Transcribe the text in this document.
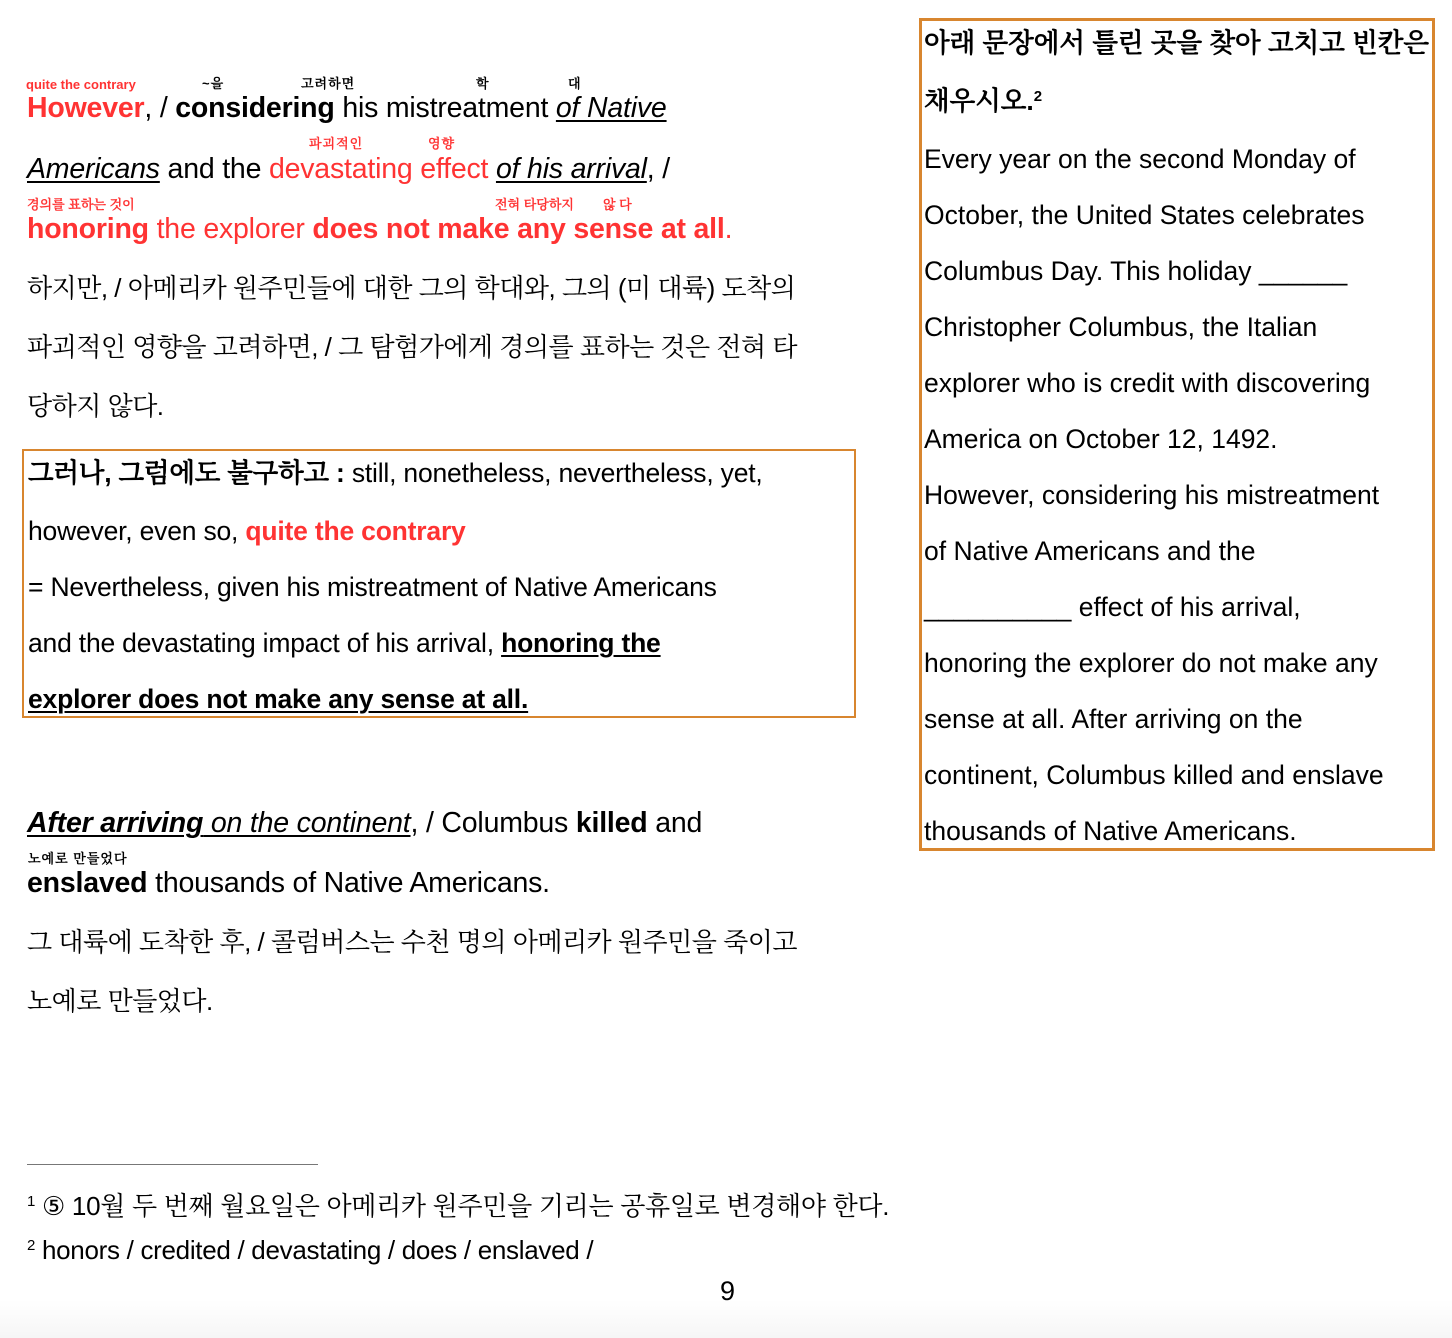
quite the contrary	~을	고려하면	학	대
However, / considering his mistreatment of Native
파괴적인	영향
Americans and the devastating effect of his arrival, /
경의를 표하는 것이	전혀 타당하지 않 다
honoring the explorer does not make any sense at all.
하지만, / 아메리카 원주민들에 대한 그의 학대와, 그의 (미 대륙) 도착의
파괴적인 영향을 고려하면, / 그 탐험가에게 경의를 표하는 것은 전혀 타
당하지 않다.
그러나, 그럼에도 불구하고 : still, nonetheless, nevertheless, yet,
however, even so, quite the contrary
= Nevertheless, given his mistreatment of Native Americans
and the devastating impact of his arrival, honoring the
explorer does not make any sense at all.
After arriving on the continent, / Columbus killed and
노예로 만들었다
enslaved thousands of Native Americans.
그 대륙에 도착한 후, / 콜럼버스는 수천 명의 아메리카 원주민을 죽이고
노예로 만들었다.
아래 문장에서 틀린 곳을 찾아 고치고 빈칸은
채우시오.$^2$
Every year on the second Monday of
October, the United States celebrates
Columbus Day. This holiday ______
Christopher Columbus, the Italian
explorer who is credit with discovering
America on October 12, 1492.
However, considering his mistreatment
of Native Americans and the
__________ effect of his arrival,
honoring the explorer do not make any
sense at all. After arriving on the
continent, Columbus killed and enslave
thousands of Native Americans.
$^1$ ⑤ 10월 두 번째 월요일은 아메리카 원주민을 기리는 공휴일로 변경해야 한다.
$^2$ honors / credited / devastating / does / enslaved /
9
